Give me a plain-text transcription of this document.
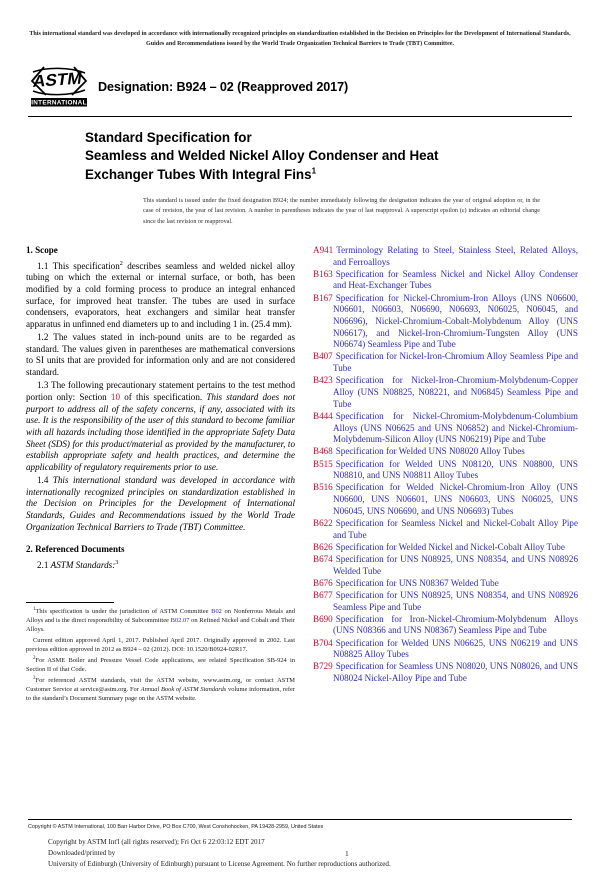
This international standard was developed in accordance with internationally recognized principles on standardization established in the Decision on Principles for the Development of International Standards, Guides and Recommendations issued by the World Trade Organization Technical Barriers to Trade (TBT) Committee.
ASTM
INTERNATIONAL
Designation: B924 – 02 (Reapproved 2017)
Standard Specification for
Seamless and Welded Nickel Alloy Condenser and Heat
Exchanger Tubes With Integral Fins$^1$
This standard is issued under the fixed designation B924; the number immediately following the designation indicates the year of original adoption or, in the case of revision, the year of last revision. A number in parentheses indicates the year of last reapproval. A superscript epsilon (ε) indicates an editorial change since the last revision or reapproval.
1. Scope

1.1 This specification$^2$ describes seamless and welded nickel alloy tubing on which the external or internal surface, or both, has been modified by a cold forming process to produce an integral enhanced surface, for improved heat transfer. The tubes are used in surface condensers, evaporators, heat exchangers and similar heat transfer apparatus in unfinned end diameters up to and including 1 in. (25.4 mm).

1.2 The values stated in inch-pound units are to be regarded as standard. The values given in parentheses are mathematical conversions to SI units that are provided for information only and are not considered standard.

1.3 The following precautionary statement pertains to the test method portion only: Section 10 of this specification. This standard does not purport to address all of the safety concerns, if any, associated with its use. It is the responsibility of the user of this standard to become familiar with all hazards including those identified in the appropriate Safety Data Sheet (SDS) for this product/material as provided by the manufacturer, to establish appropriate safety and health practices, and determine the applicability of regulatory requirements prior to use.

1.4 This international standard was developed in accordance with internationally recognized principles on standardization established in the Decision on Principles for the Development of International Standards, Guides and Recommendations issued by the World Trade Organization Technical Barriers to Trade (TBT) Committee.

2. Referenced Documents
2.1 ASTM Standards:$^3$

$^1$This specification is under the jurisdiction of ASTM Committee B02 on Nonferrous Metals and Alloys and is the direct responsibility of Subcommittee B02.07 on Refined Nickel and Cobalt and Their Alloys.

Current edition approved April 1, 2017. Published April 2017. Originally approved in 2002. Last previous edition approved in 2012 as B924 – 02 (2012). DOI: 10.1520/B0924-02R17.

$^2$For ASME Boiler and Pressure Vessel Code applications, see related Specification SB-924 in Section II of that Code.

$^3$For referenced ASTM standards, visit the ASTM website, www.astm.org, or contact ASTM Customer Service at service@astm.org. For Annual Book of ASTM Standards volume information, refer to the standard’s Document Summary page on the ASTM website.

A941 Terminology Relating to Steel, Stainless Steel, Related Alloys, and Ferroalloys
B163 Specification for Seamless Nickel and Nickel Alloy Condenser and Heat-Exchanger Tubes
B167 Specification for Nickel-Chromium-Iron Alloys (UNS N06600, N06601, N06603, N06690, N06693, N06025, N06045, and N06696), Nickel-Chromium-Cobalt-Molybdenum Alloy (UNS N06617), and Nickel-Iron-Chromium-Tungsten Alloy (UNS N06674) Seamless Pipe and Tube
B407 Specification for Nickel-Iron-Chromium Alloy Seamless Pipe and Tube
B423 Specification for Nickel-Iron-Chromium-Molybdenum-Copper Alloy (UNS N08825, N08221, and N06845) Seamless Pipe and Tube
B444 Specification for Nickel-Chromium-Molybdenum-Columbium Alloys (UNS N06625 and UNS N06852) and Nickel-Chromium-Molybdenum-Silicon Alloy (UNS N06219) Pipe and Tube
B468 Specification for Welded UNS N08020 Alloy Tubes
B515 Specification for Welded UNS N08120, UNS N08800, UNS N08810, and UNS N08811 Alloy Tubes
B516 Specification for Welded Nickel-Chromium-Iron Alloy (UNS N06600, UNS N06601, UNS N06603, UNS N06025, UNS N06045, UNS N06690, and UNS N06693) Tubes
B622 Specification for Seamless Nickel and Nickel-Cobalt Alloy Pipe and Tube
B626 Specification for Welded Nickel and Nickel-Cobalt Alloy Tube
B674 Specification for UNS N08925, UNS N08354, and UNS N08926 Welded Tube
B676 Specification for UNS N08367 Welded Tube
B677 Specification for UNS N08925, UNS N08354, and UNS N08926 Seamless Pipe and Tube
B690 Specification for Iron-Nickel-Chromium-Molybdenum Alloys (UNS N08366 and UNS N08367) Seamless Pipe and Tube
B704 Specification for Welded UNS N06625, UNS N06219 and UNS N08825 Alloy Tubes
B729 Specification for Seamless UNS N08020, UNS N08026, and UNS N08024 Nickel-Alloy Pipe and Tube
Copyright © ASTM International, 100 Barr Harbor Drive, PO Box C700, West Conshohocken, PA 19428-2959, United States
Copyright by ASTM Int'l (all rights reserved); Fri Oct 6 22:03:12 EDT 2017
Downloaded/printed by
University of Edinburgh (University of Edinburgh) pursuant to License Agreement. No further reproductions authorized.
1
